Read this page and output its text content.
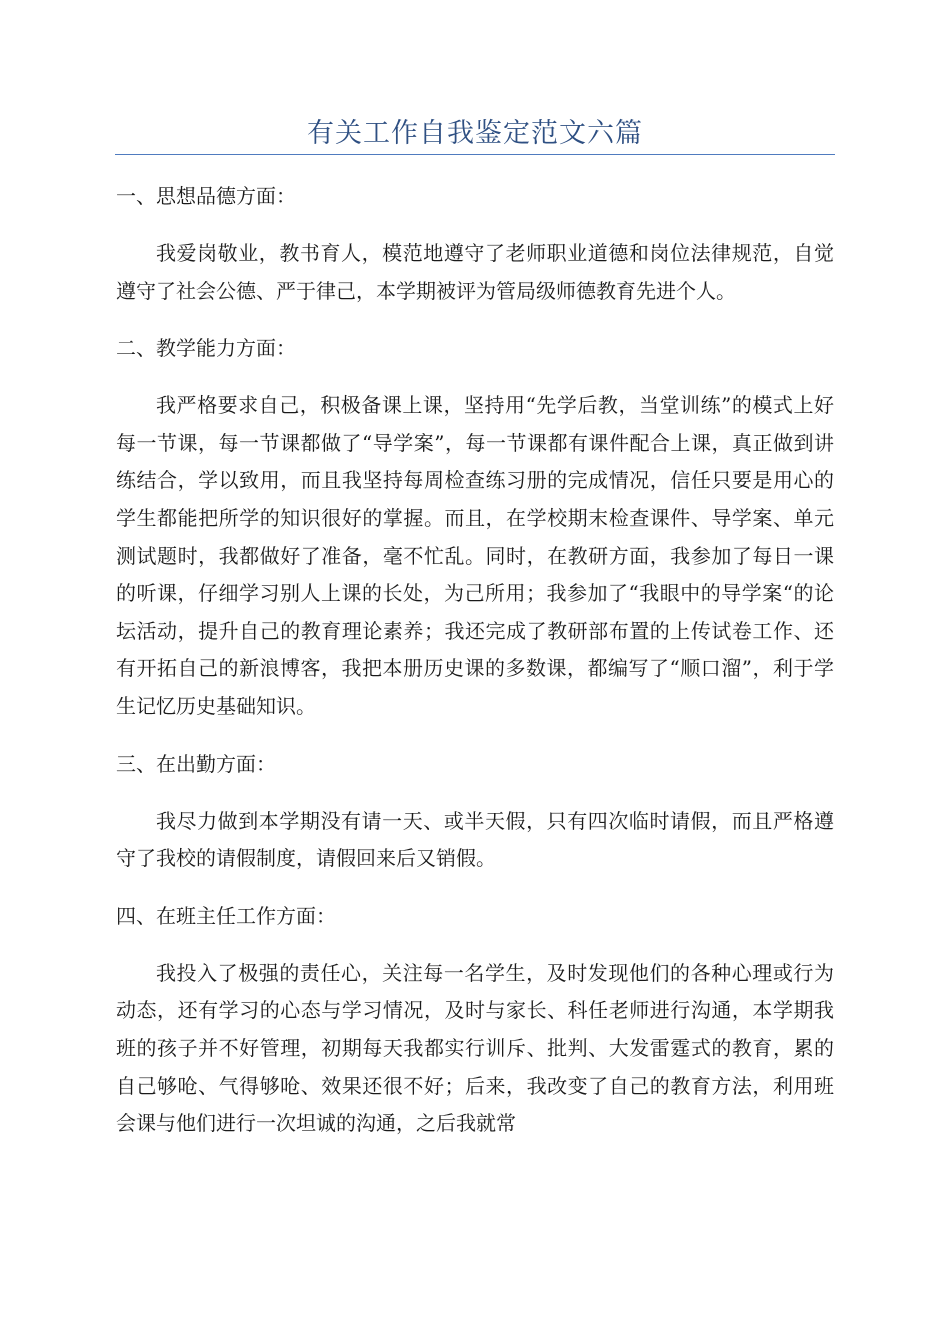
有关工作自我鉴定范文六篇
一、思想品德方面：
我爱岗敬业，教书育人，模范地遵守了老师职业道德和岗位法律规范，自觉遵守了社会公德、严于律己，本学期被评为管局级师德教育先进个人。
二、教学能力方面：
我严格要求自己，积极备课上课，坚持用“先学后教，当堂训练”的模式上好每一节课，每一节课都做了“导学案”，每一节课都有课件配合上课，真正做到讲练结合，学以致用，而且我坚持每周检查练习册的完成情况，信任只要是用心的学生都能把所学的知识很好的掌握。而且，在学校期末检查课件、导学案、单元测试题时，我都做好了准备，毫不忙乱。同时，在教研方面，我参加了每日一课的听课，仔细学习别人上课的长处，为己所用；我参加了“我眼中的导学案“的论坛活动，提升自己的教育理论素养；我还完成了教研部布置的上传试卷工作、还有开拓自己的新浪博客，我把本册历史课的多数课，都编写了“顺口溜”，利于学生记忆历史基础知识。
三、在出勤方面：
我尽力做到本学期没有请一天、或半天假，只有四次临时请假，而且严格遵守了我校的请假制度，请假回来后又销假。
四、在班主任工作方面：
我投入了极强的责任心，关注每一名学生，及时发现他们的各种心理或行为动态，还有学习的心态与学习情况，及时与家长、科任老师进行沟通，本学期我班的孩子并不好管理，初期每天我都实行训斥、批判、大发雷霆式的教育，累的自己够呛、气得够呛、效果还很不好；后来，我改变了自己的教育方法，利用班会课与他们进行一次坦诚的沟通，之后我就常
